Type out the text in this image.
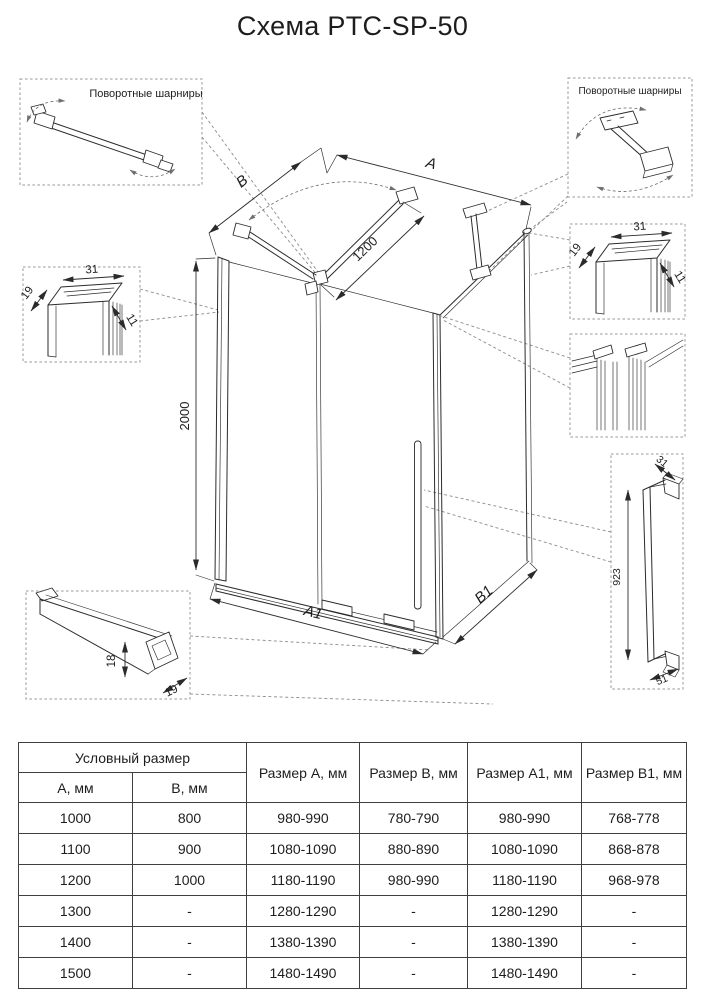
Схема PTC-SP-50
A
B
1200
2000
A1
B1
Поворотные шарниры	Поворотные шарниры
31
19
11
31
19
11
923
31
51
18
19
Условный размер		Размер А, мм	Размер В, мм	Размер А1, мм	Размер В1, мм
А, мм	В, мм				
1000	800	980-990	780-790	980-990	768-778
1100	900	1080-1090	880-890	1080-1090	868-878
1200	1000	1180-1190	980-990	1180-1190	968-978
1300	-	1280-1290	-	1280-1290	-
1400	-	1380-1390	-	1380-1390	-
1500	-	1480-1490	-	1480-1490	-
